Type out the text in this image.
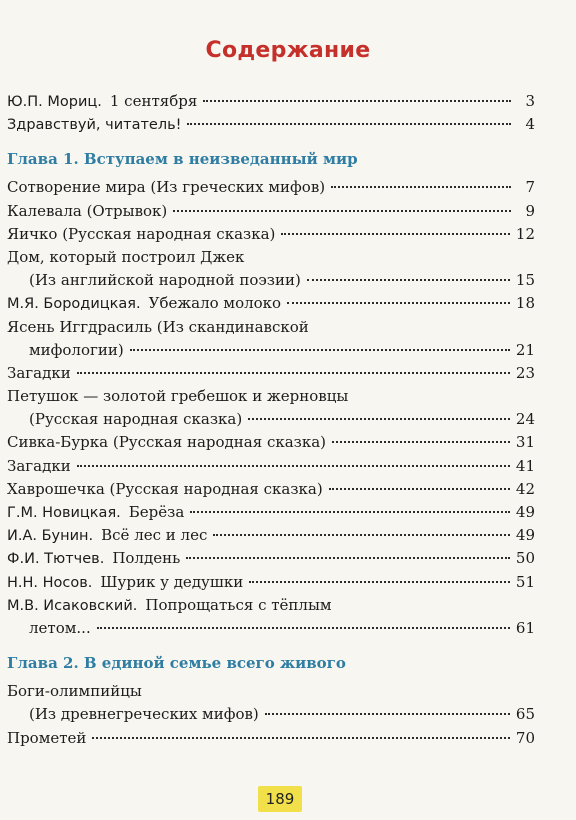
Содержание
Ю.П. Мориц. 1 сентября	3
Здравствуй, читатель!	4
Глава 1. Вступаем в неизведанный мир
Сотворение мира (Из греческих мифов)	7
Калевала (Отрывок)	9
Яичко (Русская народная сказка)	12
Дом, который построил Джек
(Из английской народной поэзии)	15
М.Я. Бородицкая. Убежало молоко	18
Ясень Иггдрасиль (Из скандинавской
мифологии)	21
Загадки	23
Петушок — золотой гребешок и жерновцы
(Русская народная сказка)	24
Сивка-Бурка (Русская народная сказка)	31
Загадки	41
Хаврошечка (Русская народная сказка)	42
Г.М. Новицкая. Берёза	49
И.А. Бунин. Всё лес и лес	49
Ф.И. Тютчев. Полдень	50
Н.Н. Носов. Шурик у дедушки	51
М.В. Исаковский. Попрощаться с тёплым
летом...	61
Глава 2. В единой семье всего живого
Боги-олимпийцы
(Из древнегреческих мифов)	65
Прометей	70
189
